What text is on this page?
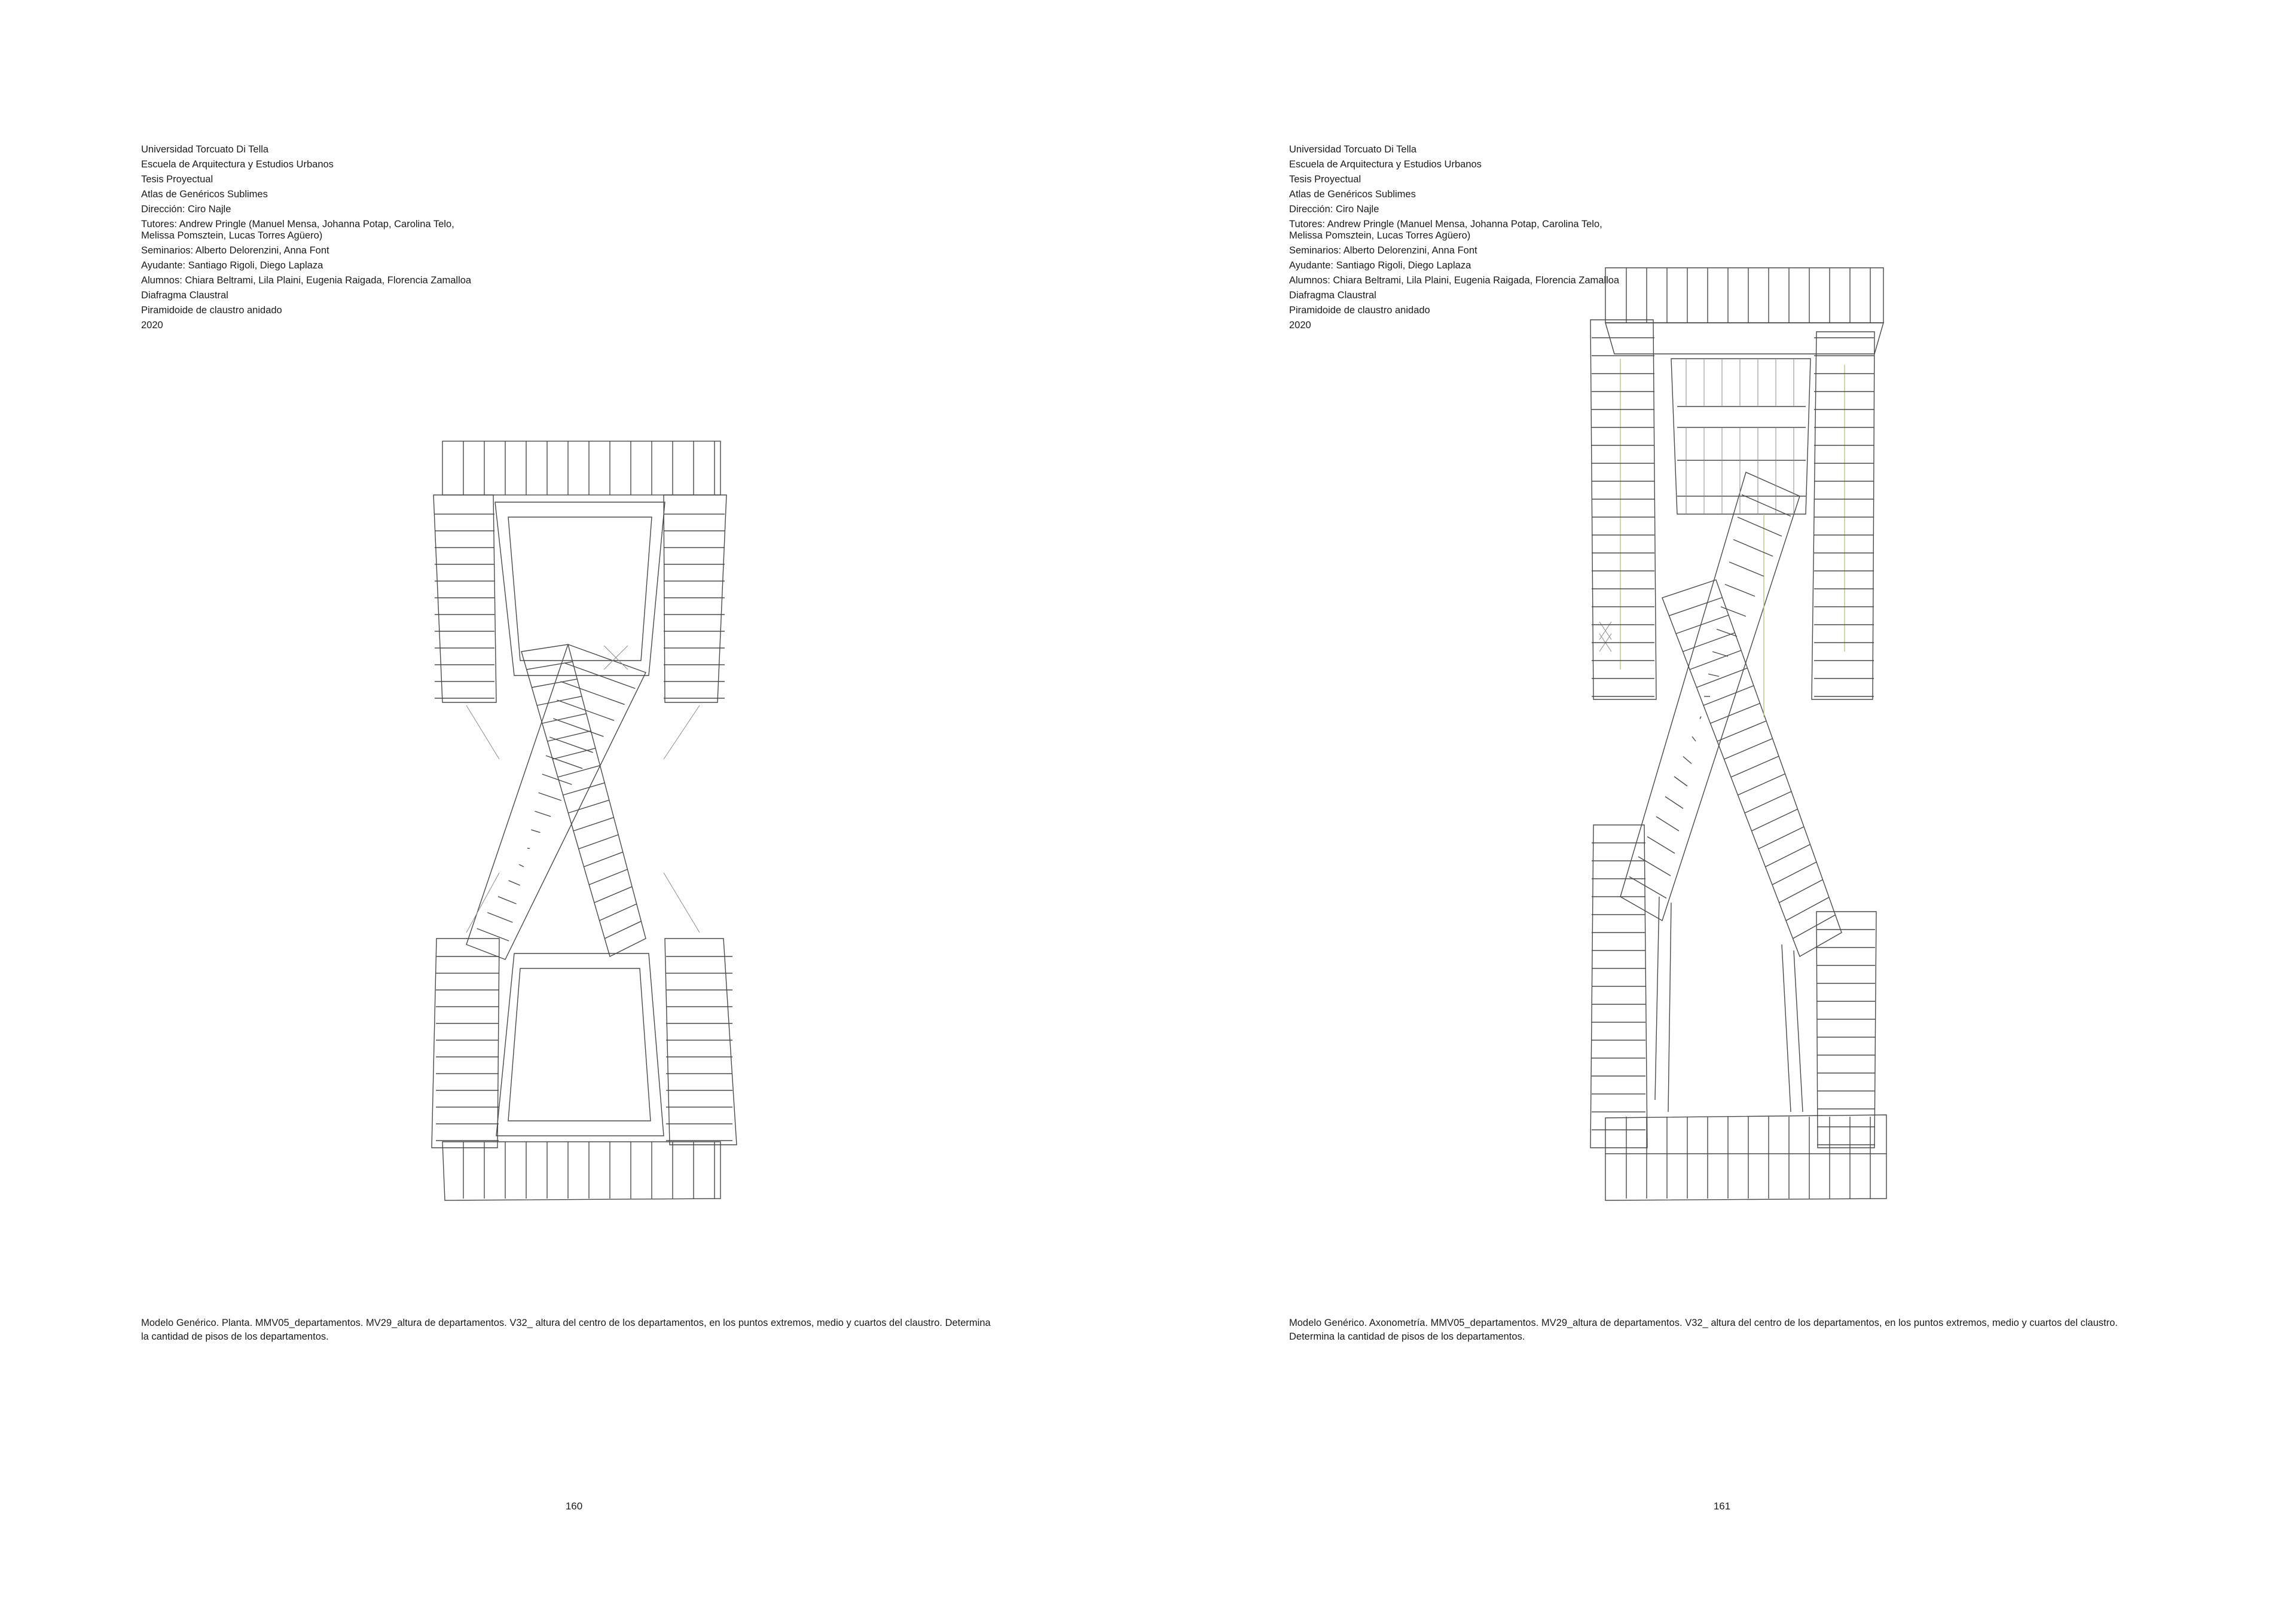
Universidad Torcuato Di Tella
Escuela de Arquitectura y Estudios Urbanos
Tesis Proyectual
Atlas de Genéricos Sublimes
Dirección: Ciro Najle
Tutores: Andrew Pringle (Manuel Mensa, Johanna Potap, Carolina Telo,
Melissa Pomsztein, Lucas Torres Agüero)
Seminarios: Alberto Delorenzini, Anna Font
Ayudante: Santiago Rigoli, Diego Laplaza
Alumnos: Chiara Beltrami, Lila Plaini, Eugenia Raigada, Florencia Zamalloa
Diafragma Claustral
Piramidoide de claustro anidado
2020
Modelo Genérico. Planta. MMV05_departamentos. MV29_altura de departamentos. V32_ altura del centro de los departamentos, en los puntos extremos, medio y cuartos del claustro. Determina
la cantidad de pisos de los departamentos.
160
Universidad Torcuato Di Tella
Escuela de Arquitectura y Estudios Urbanos
Tesis Proyectual
Atlas de Genéricos Sublimes
Dirección: Ciro Najle
Tutores: Andrew Pringle (Manuel Mensa, Johanna Potap, Carolina Telo,
Melissa Pomsztein, Lucas Torres Agüero)
Seminarios: Alberto Delorenzini, Anna Font
Ayudante: Santiago Rigoli, Diego Laplaza
Alumnos: Chiara Beltrami, Lila Plaini, Eugenia Raigada, Florencia Zamalloa
Diafragma Claustral
Piramidoide de claustro anidado
2020
Modelo Genérico. Axonometría. MMV05_departamentos. MV29_altura de departamentos. V32_ altura del centro de los departamentos, en los puntos extremos, medio y cuartos del claustro.
Determina la cantidad de pisos de los departamentos.
161
